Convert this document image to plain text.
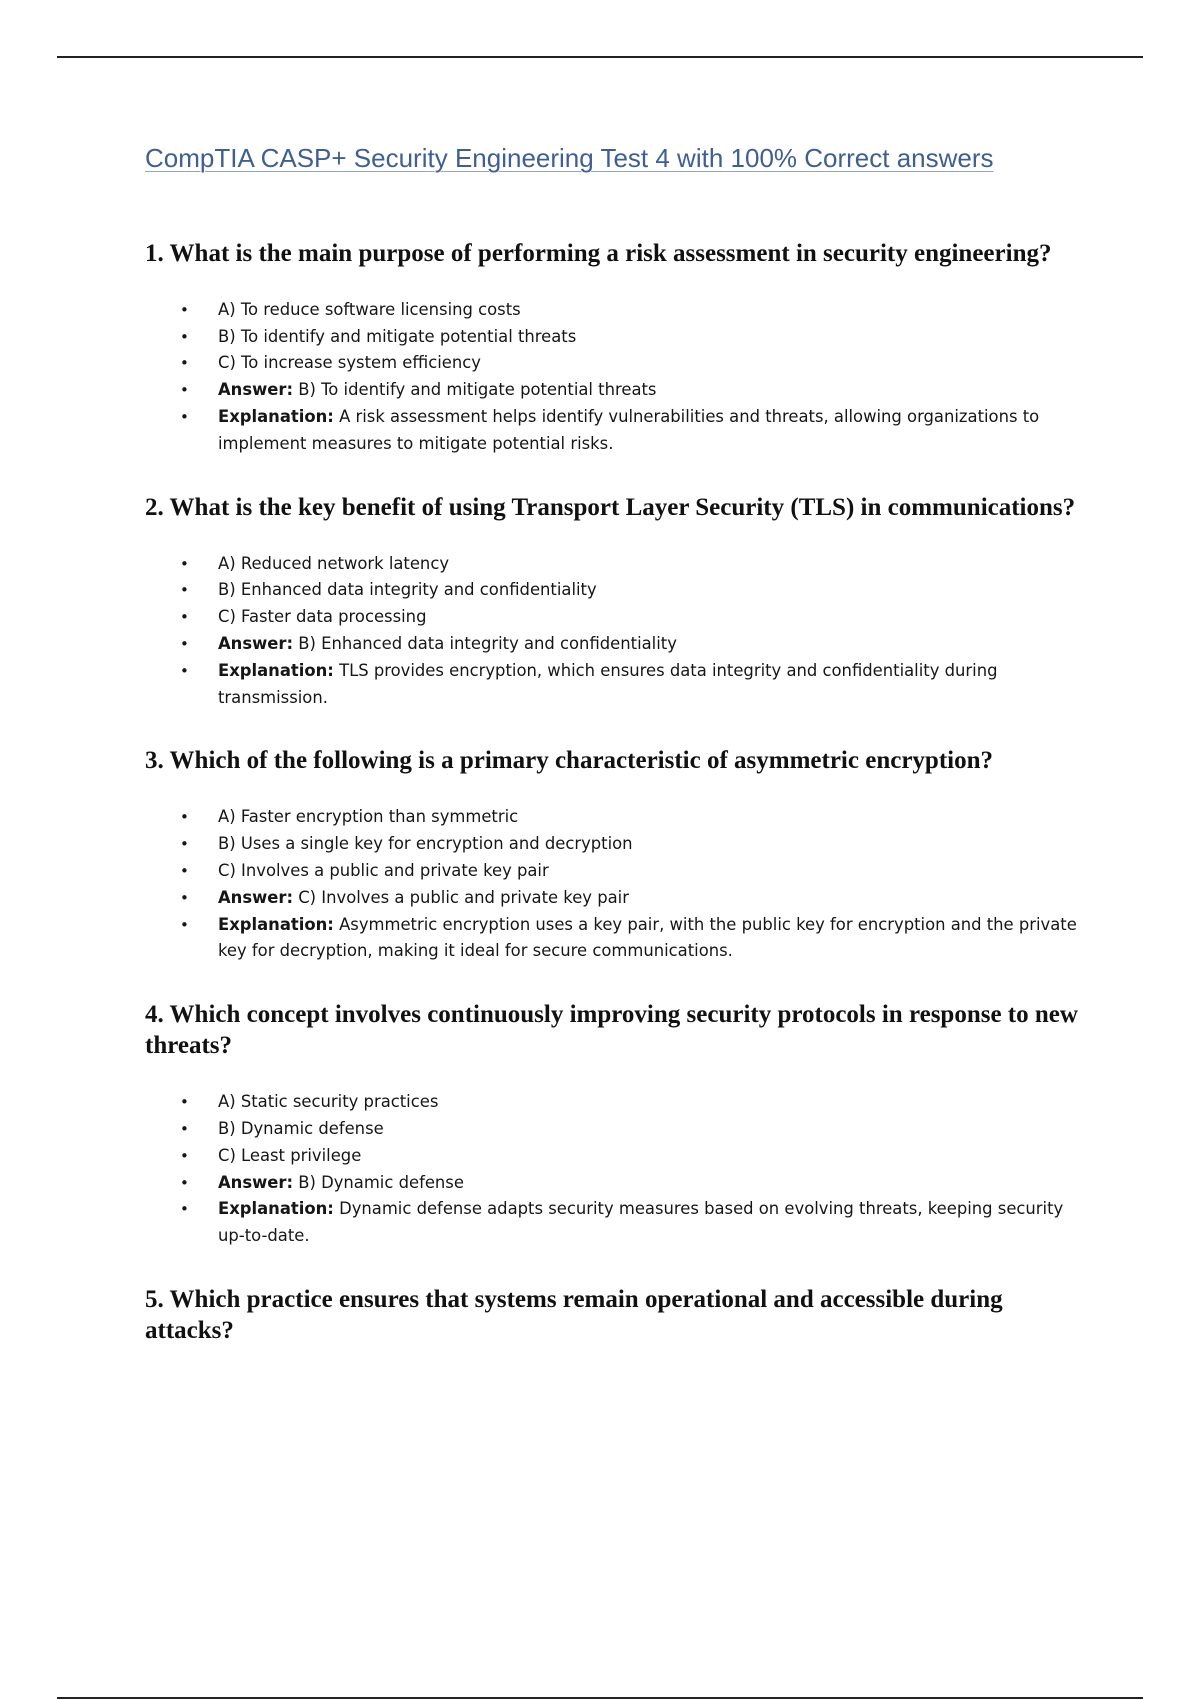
CompTIA CASP+ Security Engineering Test 4 with 100% Correct answers
1. What is the main purpose of performing a risk assessment in security engineering?
• A) To reduce software licensing costs
• B) To identify and mitigate potential threats
• C) To increase system efficiency
• Answer: B) To identify and mitigate potential threats
• Explanation: A risk assessment helps identify vulnerabilities and threats, allowing organizations to implement measures to mitigate potential risks.
2. What is the key benefit of using Transport Layer Security (TLS) in communications?
• A) Reduced network latency
• B) Enhanced data integrity and confidentiality
• C) Faster data processing
• Answer: B) Enhanced data integrity and confidentiality
• Explanation: TLS provides encryption, which ensures data integrity and confidentiality during transmission.
3. Which of the following is a primary characteristic of asymmetric encryption?
• A) Faster encryption than symmetric
• B) Uses a single key for encryption and decryption
• C) Involves a public and private key pair
• Answer: C) Involves a public and private key pair
• Explanation: Asymmetric encryption uses a key pair, with the public key for encryption and the private key for decryption, making it ideal for secure communications.
4. Which concept involves continuously improving security protocols in response to new threats?
• A) Static security practices
• B) Dynamic defense
• C) Least privilege
• Answer: B) Dynamic defense
• Explanation: Dynamic defense adapts security measures based on evolving threats, keeping security up-to-date.
5. Which practice ensures that systems remain operational and accessible during attacks?
